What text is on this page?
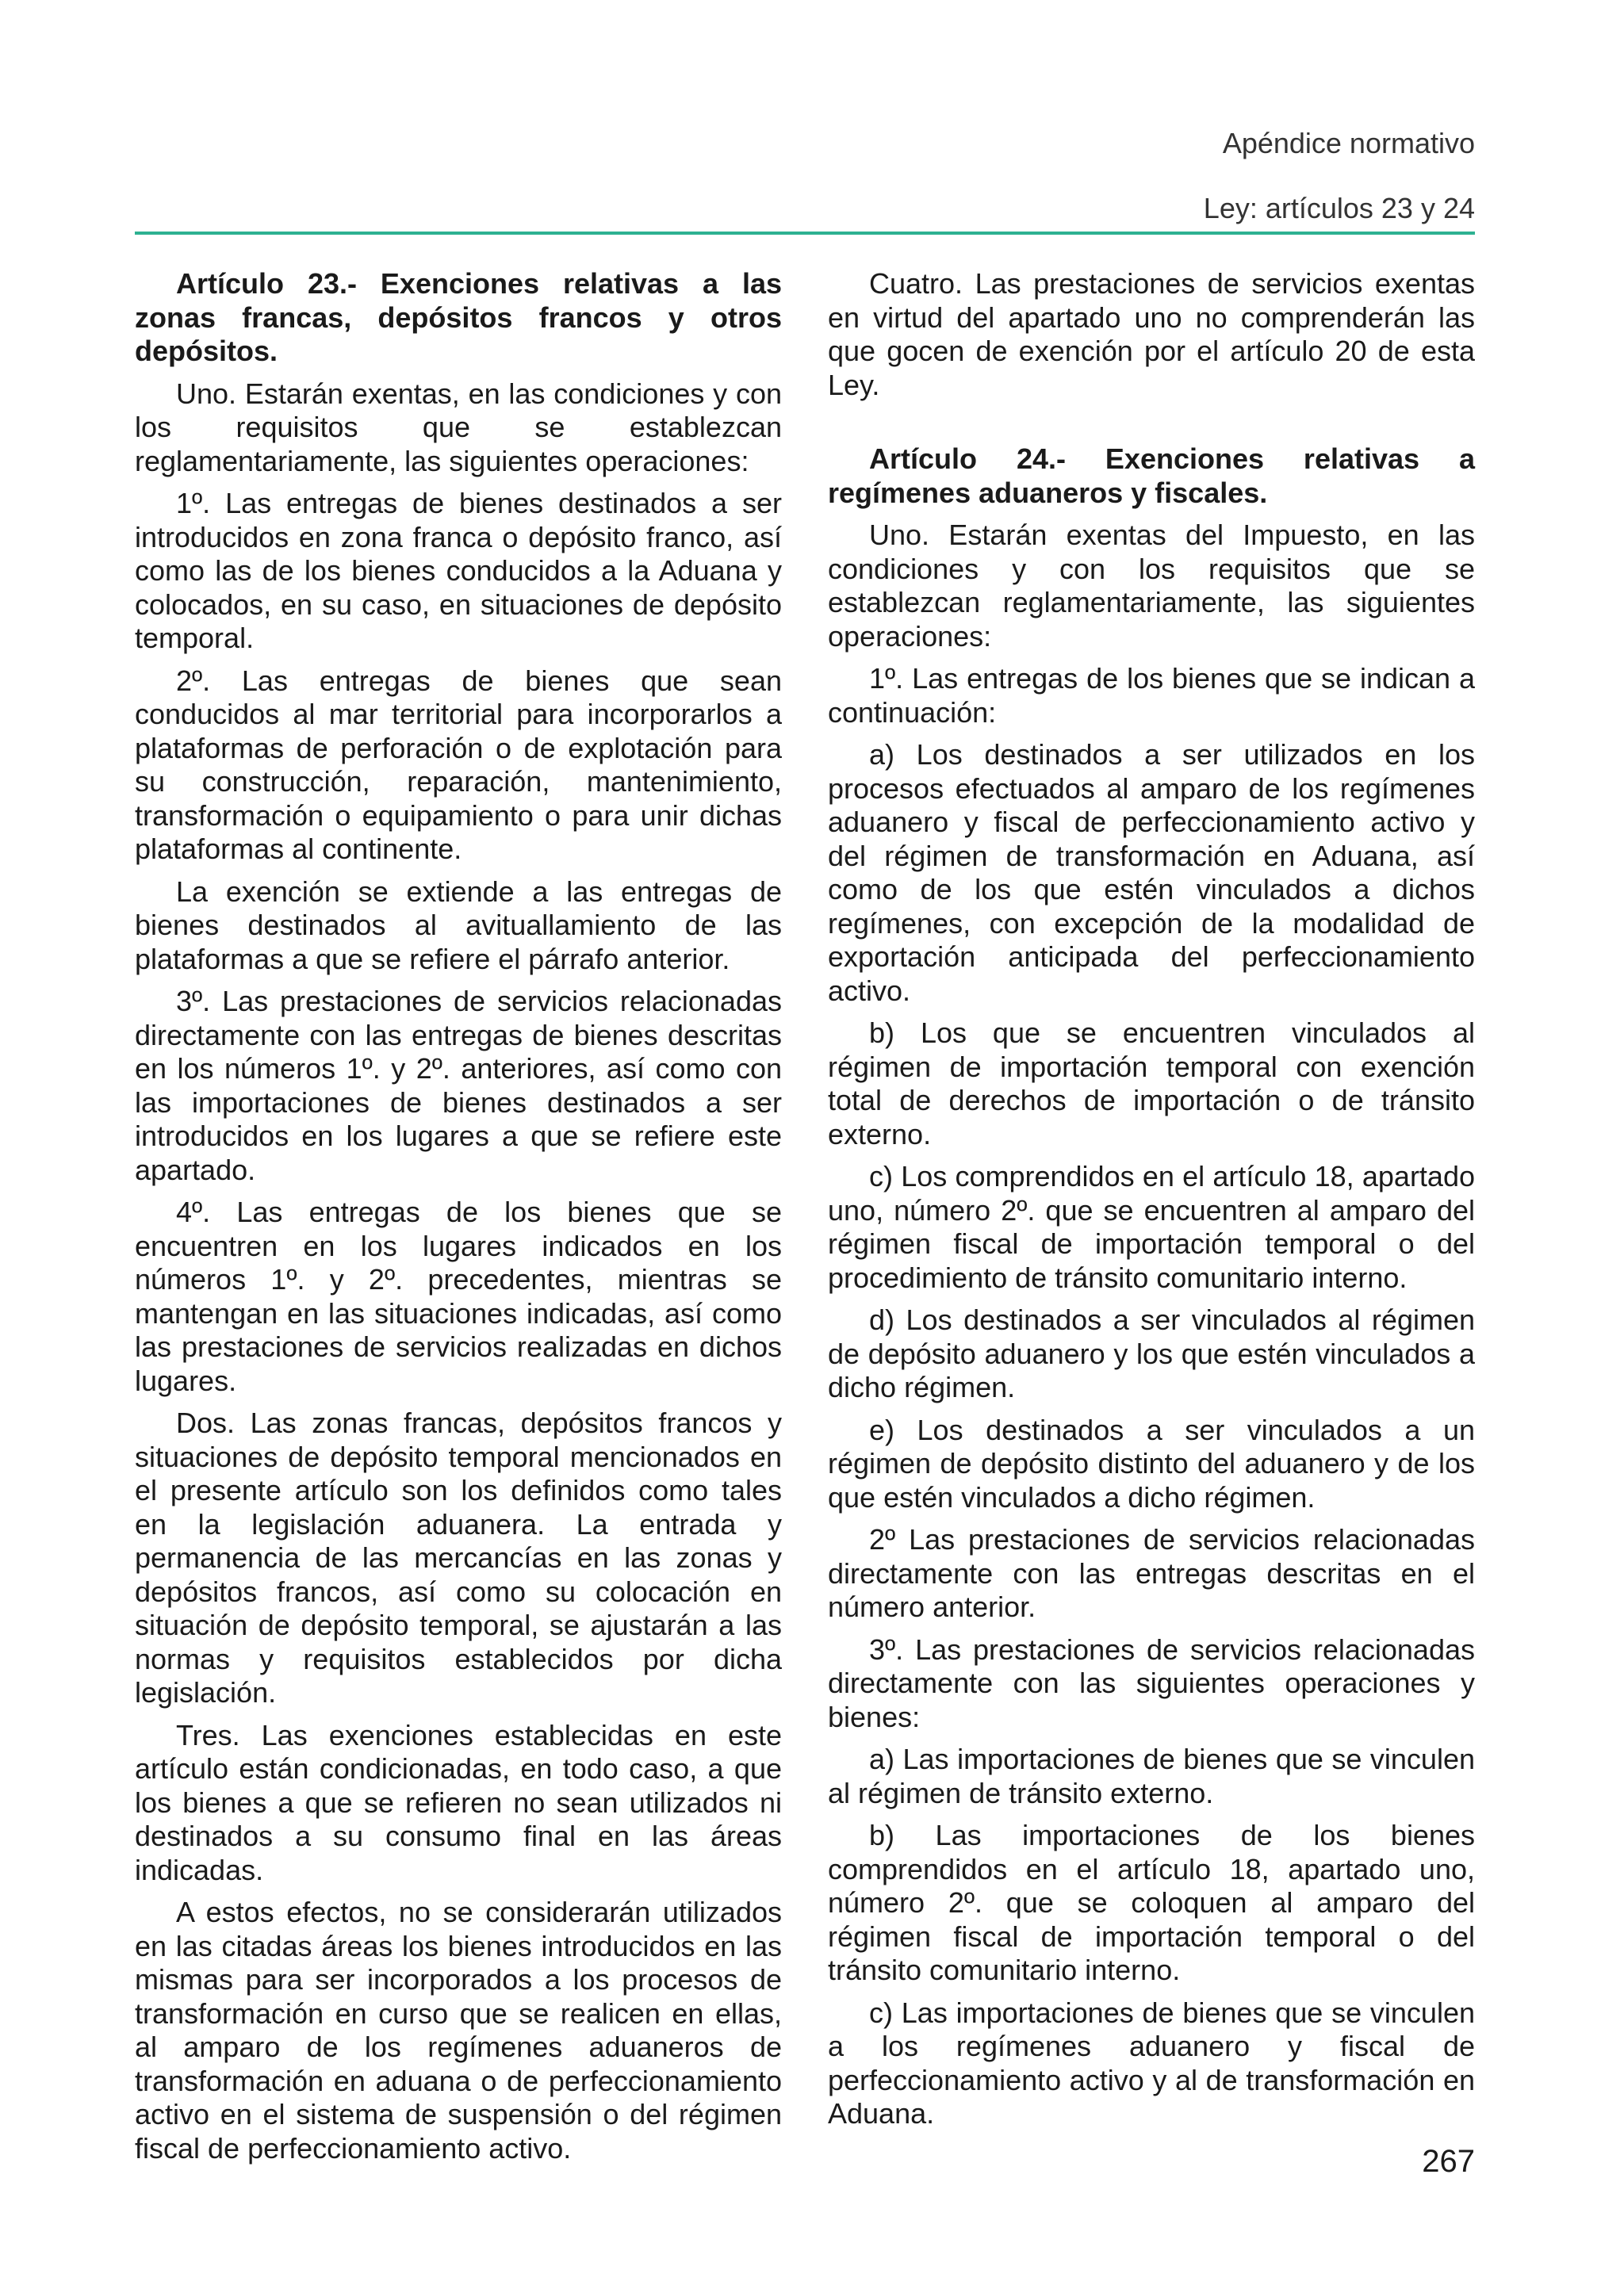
Apéndice normativo
Ley: artículos 23 y 24

Artículo 23.- Exenciones relativas a las zonas francas, depósitos francos y otros depósitos.

Uno. Estarán exentas, en las condiciones y con los requisitos que se establezcan reglamentariamente, las siguientes operaciones:

1º. Las entregas de bienes destinados a ser introducidos en zona franca o depósito franco, así como las de los bienes conducidos a la Aduana y colocados, en su caso, en situaciones de depósito temporal.

2º. Las entregas de bienes que sean conducidos al mar territorial para incorporarlos a plataformas de perforación o de explotación para su construcción, reparación, mantenimiento, transformación o equipamiento o para unir dichas plataformas al continente.

La exención se extiende a las entregas de bienes destinados al avituallamiento de las plataformas a que se refiere el párrafo anterior.

3º. Las prestaciones de servicios relacionadas directamente con las entregas de bienes descritas en los números 1º. y 2º. anteriores, así como con las importaciones de bienes destinados a ser introducidos en los lugares a que se refiere este apartado.

4º. Las entregas de los bienes que se encuentren en los lugares indicados en los números 1º. y 2º. precedentes, mientras se mantengan en las situaciones indicadas, así como las prestaciones de servicios realizadas en dichos lugares.

Dos. Las zonas francas, depósitos francos y situaciones de depósito temporal mencionados en el presente artículo son los definidos como tales en la legislación aduanera. La entrada y permanencia de las mercancías en las zonas y depósitos francos, así como su colocación en situación de depósito temporal, se ajustarán a las normas y requisitos establecidos por dicha legislación.

Tres. Las exenciones establecidas en este artículo están condicionadas, en todo caso, a que los bienes a que se refieren no sean utilizados ni destinados a su consumo final en las áreas indicadas.

A estos efectos, no se considerarán utilizados en las citadas áreas los bienes introducidos en las mismas para ser incorporados a los procesos de transformación en curso que se realicen en ellas, al amparo de los regímenes aduaneros de transformación en aduana o de perfeccionamiento activo en el sistema de suspensión o del régimen fiscal de perfeccionamiento activo.

Cuatro. Las prestaciones de servicios exentas en virtud del apartado uno no comprenderán las que gocen de exención por el artículo 20 de esta Ley.

Artículo 24.- Exenciones relativas a regímenes aduaneros y fiscales.

Uno. Estarán exentas del Impuesto, en las condiciones y con los requisitos que se establezcan reglamentariamente, las siguientes operaciones:

1º. Las entregas de los bienes que se indican a continuación:

a) Los destinados a ser utilizados en los procesos efectuados al amparo de los regímenes aduanero y fiscal de perfeccionamiento activo y del régimen de transformación en Aduana, así como de los que estén vinculados a dichos regímenes, con excepción de la modalidad de exportación anticipada del perfeccionamiento activo.

b) Los que se encuentren vinculados al régimen de importación temporal con exención total de derechos de importación o de tránsito externo.

c) Los comprendidos en el artículo 18, apartado uno, número 2º. que se encuentren al amparo del régimen fiscal de importación temporal o del procedimiento de tránsito comunitario interno.

d) Los destinados a ser vinculados al régimen de depósito aduanero y los que estén vinculados a dicho régimen.

e) Los destinados a ser vinculados a un régimen de depósito distinto del aduanero y de los que estén vinculados a dicho régimen.

2º Las prestaciones de servicios relacionadas directamente con las entregas descritas en el número anterior.

3º. Las prestaciones de servicios relacionadas directamente con las siguientes operaciones y bienes:

a) Las importaciones de bienes que se vinculen al régimen de tránsito externo.

b) Las importaciones de los bienes comprendidos en el artículo 18, apartado uno, número 2º. que se coloquen al amparo del régimen fiscal de importación temporal o del tránsito comunitario interno.

c) Las importaciones de bienes que se vinculen a los regímenes aduanero y fiscal de perfeccionamiento activo y al de transformación en Aduana.

267
